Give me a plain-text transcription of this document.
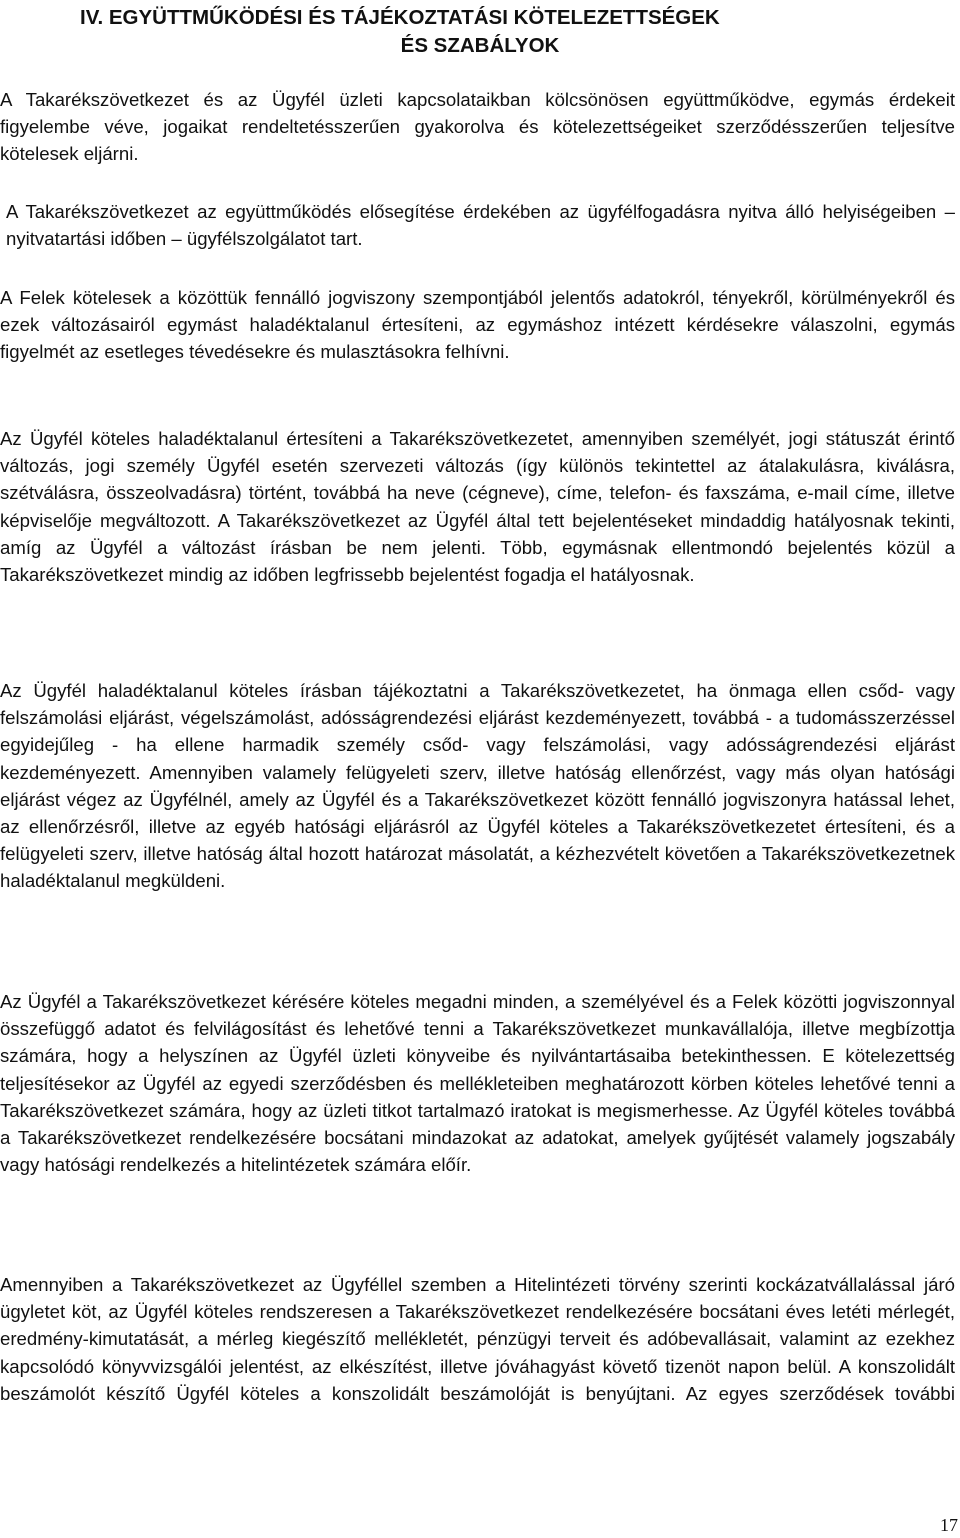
IV. EGYÜTTMŰKÖDÉSI ÉS TÁJÉKOZTATÁSI KÖTELEZETTSÉGEK
ÉS SZABÁLYOK

A Takarékszövetkezet és az Ügyfél üzleti kapcsolataikban kölcsönösen együttműködve, egymás érdekeit figyelembe véve, jogaikat rendeltetésszerűen gyakorolva és kötelezettségeiket szerződésszerűen teljesítve kötelesek eljárni.

A Takarékszövetkezet az együttműködés elősegítése érdekében az ügyfélfogadásra nyitva álló helyiségeiben – nyitvatartási időben – ügyfélszolgálatot tart.

A Felek kötelesek a közöttük fennálló jogviszony szempontjából jelentős adatokról, tényekről, körülményekről és ezek változásairól egymást haladéktalanul értesíteni, az egymáshoz intézett kérdésekre válaszolni, egymás figyelmét az esetleges tévedésekre és mulasztásokra felhívni.

Az Ügyfél köteles haladéktalanul értesíteni a Takarékszövetkezetet, amennyiben személyét, jogi státuszát érintő változás, jogi személy Ügyfél esetén szervezeti változás (így különös tekintettel az átalakulásra, kiválásra, szétválásra, összeolvadásra) történt, továbbá ha neve (cégneve), címe, telefon- és faxszáma, e-mail címe, illetve képviselője megváltozott. A Takarékszövetkezet az Ügyfél által tett bejelentéseket mindaddig hatályosnak tekinti, amíg az Ügyfél a változást írásban be nem jelenti. Több, egymásnak ellentmondó bejelentés közül a Takarékszövetkezet mindig az időben legfrissebb bejelentést fogadja el hatályosnak.

Az Ügyfél haladéktalanul köteles írásban tájékoztatni a Takarékszövetkezetet, ha önmaga ellen csőd- vagy felszámolási eljárást, végelszámolást, adósságrendezési eljárást kezdeményezett, továbbá - a tudomásszerzéssel egyidejűleg - ha ellene harmadik személy csőd- vagy felszámolási, vagy adósságrendezési eljárást kezdeményezett. Amennyiben valamely felügyeleti szerv, illetve hatóság ellenőrzést, vagy más olyan hatósági eljárást végez az Ügyfélnél, amely az Ügyfél és a Takarékszövetkezet között fennálló jogviszonyra hatással lehet, az ellenőrzésről, illetve az egyéb hatósági eljárásról az Ügyfél köteles a Takarékszövetkezetet értesíteni, és a felügyeleti szerv, illetve hatóság által hozott határozat másolatát, a kézhezvételt követően a Takarékszövetkezetnek haladéktalanul megküldeni.

Az Ügyfél a Takarékszövetkezet kérésére köteles megadni minden, a személyével és a Felek közötti jogviszonnyal összefüggő adatot és felvilágosítást és lehetővé tenni a Takarékszövetkezet munkavállalója, illetve megbízottja számára, hogy a helyszínen az Ügyfél üzleti könyveibe és nyilvántartásaiba betekinthessen. E kötelezettség teljesítésekor az Ügyfél az egyedi szerződésben és mellékleteiben meghatározott körben köteles lehetővé tenni a Takarékszövetkezet számára, hogy az üzleti titkot tartalmazó iratokat is megismerhesse. Az Ügyfél köteles továbbá a Takarékszövetkezet rendelkezésére bocsátani mindazokat az adatokat, amelyek gyűjtését valamely jogszabály vagy hatósági rendelkezés a hitelintézetek számára előír.

Amennyiben a Takarékszövetkezet az Ügyféllel szemben a Hitelintézeti törvény szerinti kockázatvállalással járó ügyletet köt, az Ügyfél köteles rendszeresen a Takarékszövetkezet rendelkezésére bocsátani éves letéti mérlegét, eredmény-kimutatását, a mérleg kiegészítő mellékletét, pénzügyi terveit és adóbevallásait, valamint az ezekhez kapcsolódó könyvvizsgálói jelentést, az elkészítést, illetve jóváhagyást követő tizenöt napon belül. A konszolidált beszámolót készítő Ügyfél köteles a konszolidált beszámolóját is benyújtani. Az egyes szerződések további

17
